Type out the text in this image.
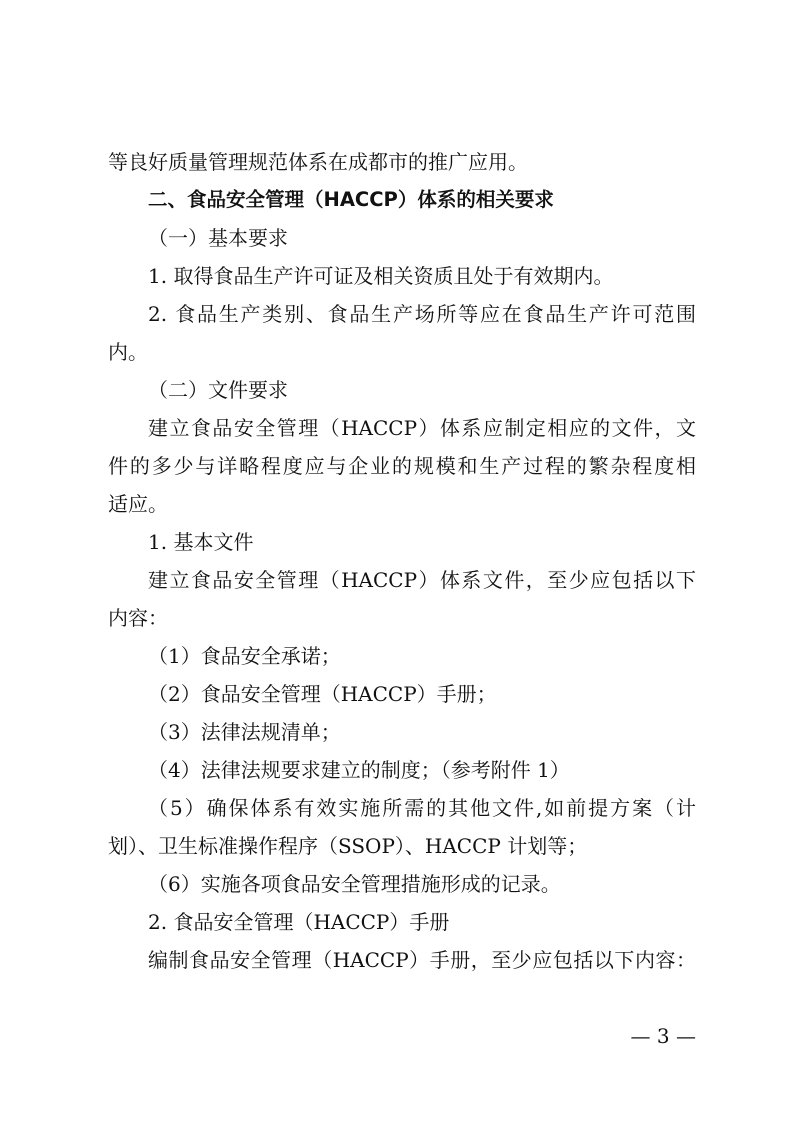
等良好质量管理规范体系在成都市的推广应用。

二、食品安全管理（HACCP）体系的相关要求

（一）基本要求

1. 取得食品生产许可证及相关资质且处于有效期内。

2. 食品生产类别、食品生产场所等应在食品生产许可范围

内。

（二）文件要求

建立食品安全管理（HACCP）体系应制定相应的文件，文

件的多少与详略程度应与企业的规模和生产过程的繁杂程度相

适应。

1. 基本文件

建立食品安全管理（HACCP）体系文件，至少应包括以下

内容：

（1）食品安全承诺；

（2）食品安全管理（HACCP）手册；

（3）法律法规清单；

（4）法律法规要求建立的制度；（参考附件 1）

（5）确保体系有效实施所需的其他文件,如前提方案（计

划）、卫生标准操作程序（SSOP）、HACCP 计划等；

（6）实施各项食品安全管理措施形成的记录。

2. 食品安全管理（HACCP）手册

编制食品安全管理（HACCP）手册，至少应包括以下内容：

— 3 —
